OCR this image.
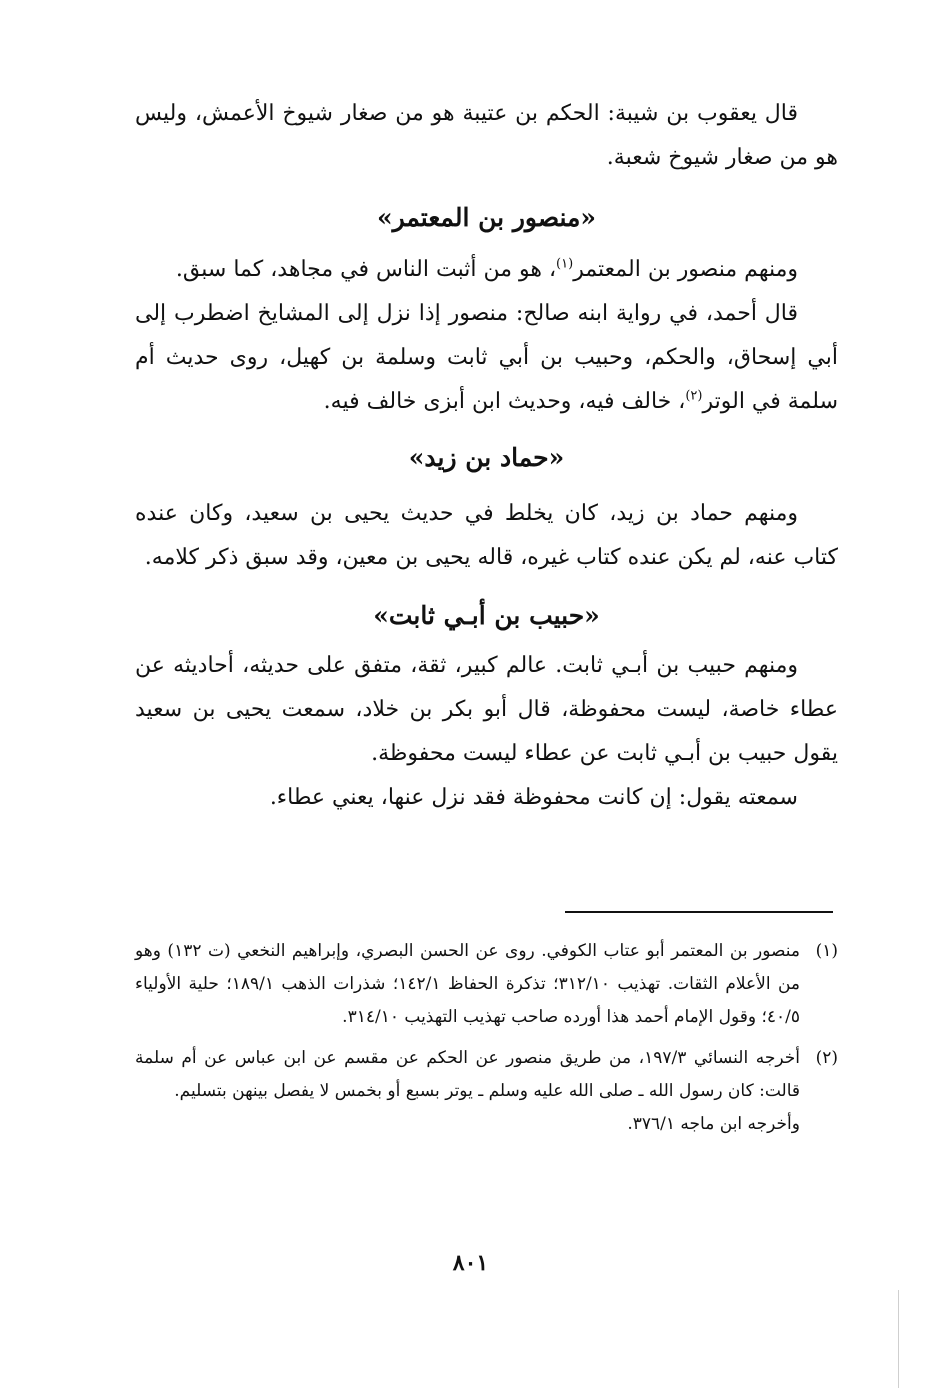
قال يعقوب بن شيبة: الحكم بن عتيبة هو من صغار شيوخ الأعمش، وليس هو من صغار شيوخ شعبة.

«منصور بن المعتمر»

ومنهم منصور بن المعتمر$^{(١)}$، هو من أثبت الناس في مجاهد، كما سبق.

قال أحمد، في رواية ابنه صالح: منصور إذا نزل إلى المشايخ اضطرب إلى أبي إسحاق، والحكم، وحبيب بن أبي ثابت وسلمة بن كهيل، روى حديث أم سلمة في الوتر$^{(٢)}$، خالف فيه، وحديث ابن أبزى خالف فيه.

«حماد بن زيد»

ومنهم حماد بن زيد، كان يخلط في حديث يحيى بن سعيد، وكان عنده كتاب عنه، لم يكن عنده كتاب غيره، قاله يحيى بن معين، وقد سبق ذكر كلامه.

«حبيب بن أبـي ثابت»

ومنهم حبيب بن أبـي ثابت. عالم كبير، ثقة، متفق على حديثه، أحاديثه عن عطاء خاصة، ليست محفوظة، قال أبو بكر بن خلاد، سمعت يحيى بن سعيد يقول حبيب بن أبـي ثابت عن عطاء ليست محفوظة.

سمعته يقول: إن كانت محفوظة فقد نزل عنها، يعني عطاء.

(١)
منصور بن المعتمر أبو عتاب الكوفي. روى عن الحسن البصري، وإبراهيم النخعي (ت ١٣٢) وهو من الأعلام الثقات. تهذيب ٣١٢/١٠؛ تذكرة الحفاظ ١٤٢/١؛ شذرات الذهب ١٨٩/١؛ حلية الأولياء ٤٠/٥؛ وقول الإمام أحمد هذا أورده صاحب تهذيب التهذيب ٣١٤/١٠.
(٢)
أخرجه النسائي ١٩٧/٣، من طريق منصور عن الحكم عن مقسم عن ابن عباس عن أم سلمة قالت: كان رسول الله ـ صلى الله عليه وسلم ـ يوتر بسبع أو بخمس لا يفصل بينهن بتسليم.
وأخرجه ابن ماجه ٣٧٦/١.
٨٠١
